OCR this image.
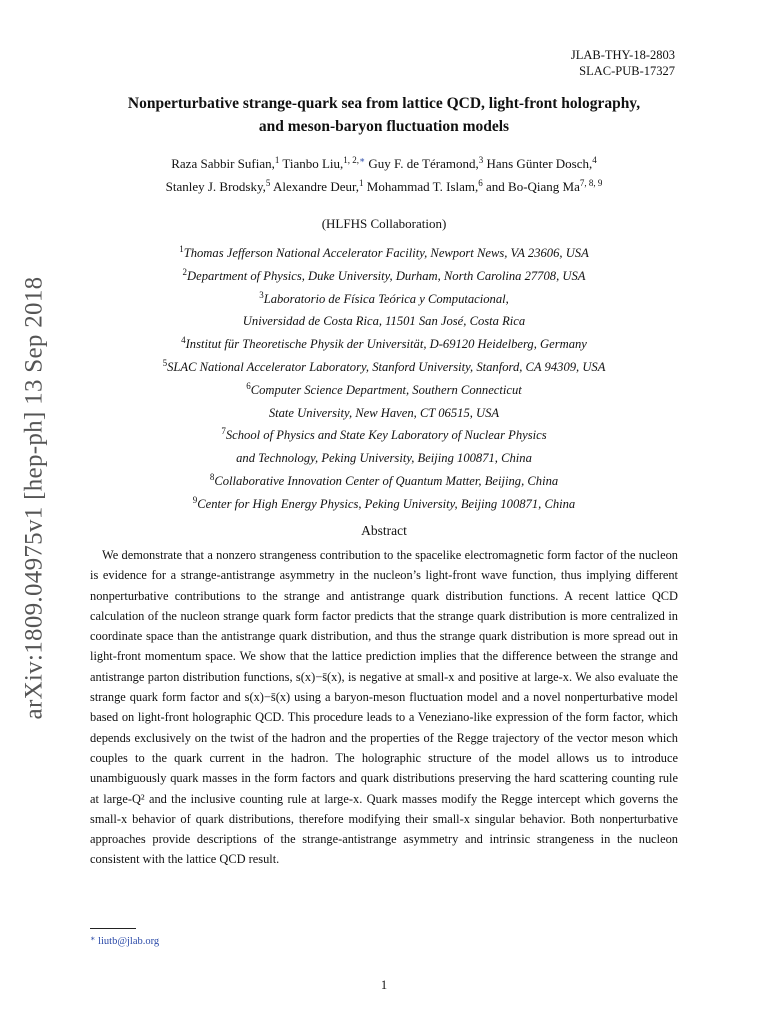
arXiv:1809.04975v1 [hep-ph] 13 Sep 2018
JLAB-THY-18-2803
SLAC-PUB-17327
Nonperturbative strange-quark sea from lattice QCD, light-front holography,
and meson-baryon fluctuation models
Raza Sabbir Sufian,$^1$ Tianbo Liu,$^{1, 2,∗}$ Guy F. de Téramond,$^3$ Hans Günter Dosch,$^4$
Stanley J. Brodsky,$^5$ Alexandre Deur,$^1$ Mohammad T. Islam,$^6$ and Bo-Qiang Ma$^{7, 8, 9}$
(HLFHS Collaboration)
$^1$Thomas Jefferson National Accelerator Facility, Newport News, VA 23606, USA
$^2$Department of Physics, Duke University, Durham, North Carolina 27708, USA
$^3$Laboratorio de Física Teórica y Computacional,
Universidad de Costa Rica, 11501 San José, Costa Rica
$^4$Institut für Theoretische Physik der Universität, D-69120 Heidelberg, Germany
$^5$SLAC National Accelerator Laboratory, Stanford University, Stanford, CA 94309, USA
$^6$Computer Science Department, Southern Connecticut
State University, New Haven, CT 06515, USA
$^7$School of Physics and State Key Laboratory of Nuclear Physics
and Technology, Peking University, Beijing 100871, China
$^8$Collaborative Innovation Center of Quantum Matter, Beijing, China
$^9$Center for High Energy Physics, Peking University, Beijing 100871, China
Abstract
We demonstrate that a nonzero strangeness contribution to the spacelike electromagnetic form factor of the nucleon is evidence for a strange-antistrange asymmetry in the nucleon’s light-front wave function, thus implying different nonperturbative contributions to the strange and antistrange quark distribution functions. A recent lattice QCD calculation of the nucleon strange quark form factor predicts that the strange quark distribution is more centralized in coordinate space than the antistrange quark distribution, and thus the strange quark distribution is more spread out in light-front momentum space. We show that the lattice prediction implies that the difference between the strange and antistrange parton distribution functions, s(x)−s̄(x), is negative at small-x and positive at large-x. We also evaluate the strange quark form factor and s(x)−s̄(x) using a baryon-meson fluctuation model and a novel nonperturbative model based on light-front holographic QCD. This procedure leads to a Veneziano-like expression of the form factor, which depends exclusively on the twist of the hadron and the properties of the Regge trajectory of the vector meson which couples to the quark current in the hadron. The holographic structure of the model allows us to introduce unambiguously quark masses in the form factors and quark distributions preserving the hard scattering counting rule at large-Q² and the inclusive counting rule at large-x. Quark masses modify the Regge intercept which governs the small-x behavior of quark distributions, therefore modifying their small-x singular behavior. Both nonperturbative approaches provide descriptions of the strange-antistrange asymmetry and intrinsic strangeness in the nucleon consistent with the lattice QCD result.
∗ liutb@jlab.org
1
